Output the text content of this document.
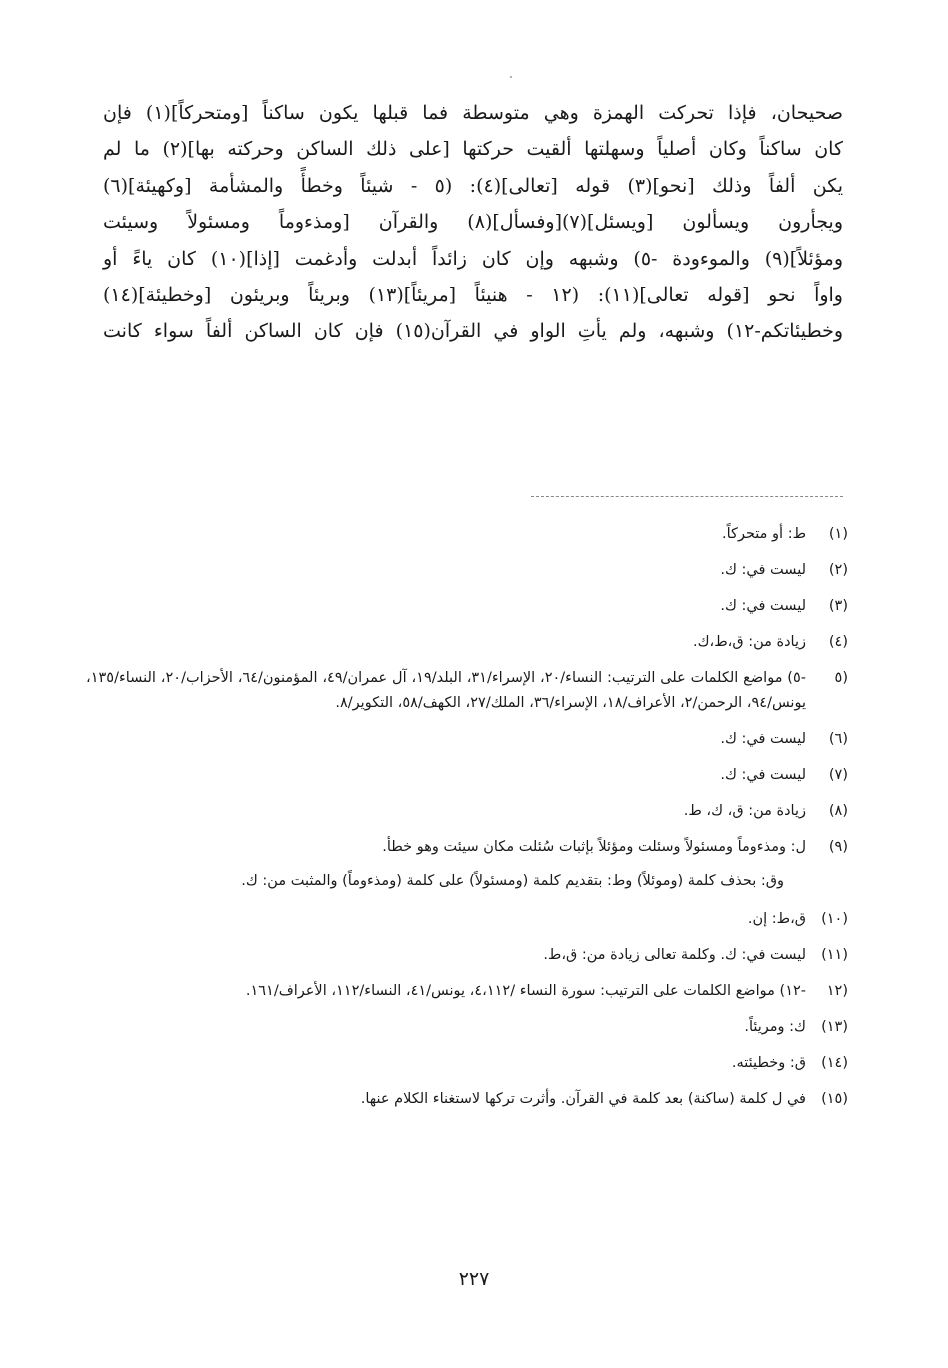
صحيحان، فإذا تحركت الهمزة وهي متوسطة فما قبلها يكون ساكناً [ومتحركاً](١) فإن
كان ساكناً وكان أصلياً وسهلتها ألقيت حركتها [على ذلك الساكن وحركته بها](٢) ما لم
يكن ألفاً وذلك [نحو](٣) قوله [تعالى](٤): (٥ - شيئاً وخطأً والمشأمة [وكهيئة](٦)
ويجأرون ويسألون [ويسئل](٧)[وفسأل](٨) والقرآن [ومذءوماً ومسئولاً وسيئت
ومؤئلاً](٩) والموءودة -٥) وشبهه وإن كان زائداً أبدلت وأدغمت [إذا](١٠) كان ياءً أو
واواً نحو [قوله تعالى](١١): (١٢ - هنيئاً [مريئاً](١٣) وبريئاً وبريئون [وخطيئة](١٤)
وخطيئاتكم-١٢) وشبهه، ولم يأتِ الواو في القرآن(١٥) فإن كان الساكن ألفاً سواء كانت
(١)
ط: أو متحركاً.
(٢)
ليست في: ك.
(٣)
ليست في: ك.
(٤)
زيادة من: ق،ط،ك.
(٥
-٥) مواضع الكلمات على الترتيب: النساء/٢٠، الإسراء/٣١، البلد/١٩، آل عمران/٤٩، المؤمنون/٦٤، الأحزاب/٢٠، النساء/١٣٥، يونس/٩٤، الرحمن/٢، الأعراف/١٨، الإسراء/٣٦، الملك/٢٧، الكهف/٥٨، التكوير/٨.
(٦)
ليست في: ك.
(٧)
ليست في: ك.
(٨)
زيادة من: ق، ك، ط.
(٩)
ل: ومذءوماً ومسئولاً وسئلت ومؤئلاً بإثبات سُئلت مكان سيئت وهو خطأ.
وق: بحذف كلمة (وموئلاً) وط: بتقديم كلمة (ومسئولاً) على كلمة (ومذءوماً) والمثبت من: ك.
(١٠)
ق،ط: إن.
(١١)
ليست في: ك. وكلمة تعالى زيادة من: ق،ط.
(١٢
-١٢) مواضع الكلمات على الترتيب: سورة النساء /٤،١١٢، يونس/٤١، النساء/١١٢، الأعراف/١٦١.
(١٣)
ك: ومريئاً.
(١٤)
ق: وخطيئته.
(١٥)
في ل كلمة (ساكنة) بعد كلمة في القرآن. وأثرت تركها لاستغناء الكلام عنها.
٢٢٧
